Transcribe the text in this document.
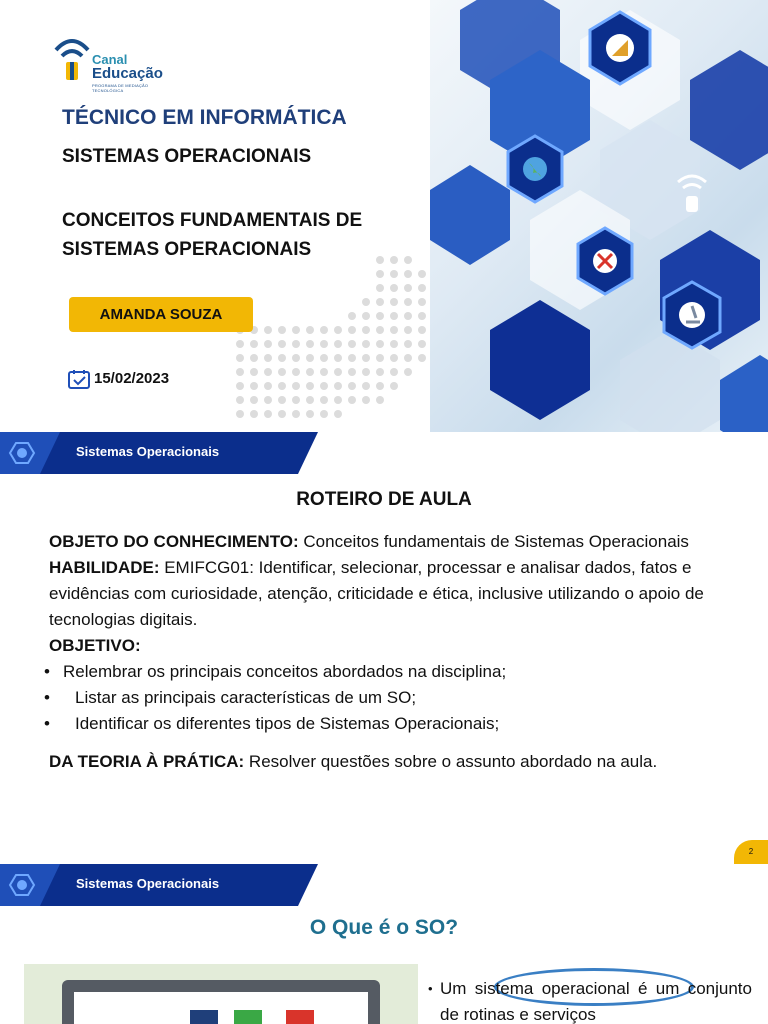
Canal
Educação
PROGRAMA DE MEDIAÇÃO TECNOLÓGICA
TÉCNICO EM INFORMÁTICA
SISTEMAS OPERACIONAIS
CONCEITOS FUNDAMENTAIS DE SISTEMAS OPERACIONAIS
AMANDA SOUZA
15/02/2023
Sistemas Operacionais
ROTEIRO DE AULA

OBJETO DO CONHECIMENTO: Conceitos fundamentais de Sistemas Operacionais

HABILIDADE: EMIFCG01: Identificar, selecionar, processar e analisar dados, fatos e evidências com curiosidade, atenção, criticidade e ética, inclusive utilizando o apoio de tecnologias digitais.

OBJETIVO:

• Relembrar os principais conceitos abordados na disciplina;

• Listar as principais características de um SO;

• Identificar os diferentes tipos de Sistemas Operacionais;

DA TEORIA À PRÁTICA: Resolver questões sobre o assunto abordado na aula.

2
Sistemas Operacionais
O Que é o SO?
• Um sistema operacional é um conjunto de rotinas e serviços
